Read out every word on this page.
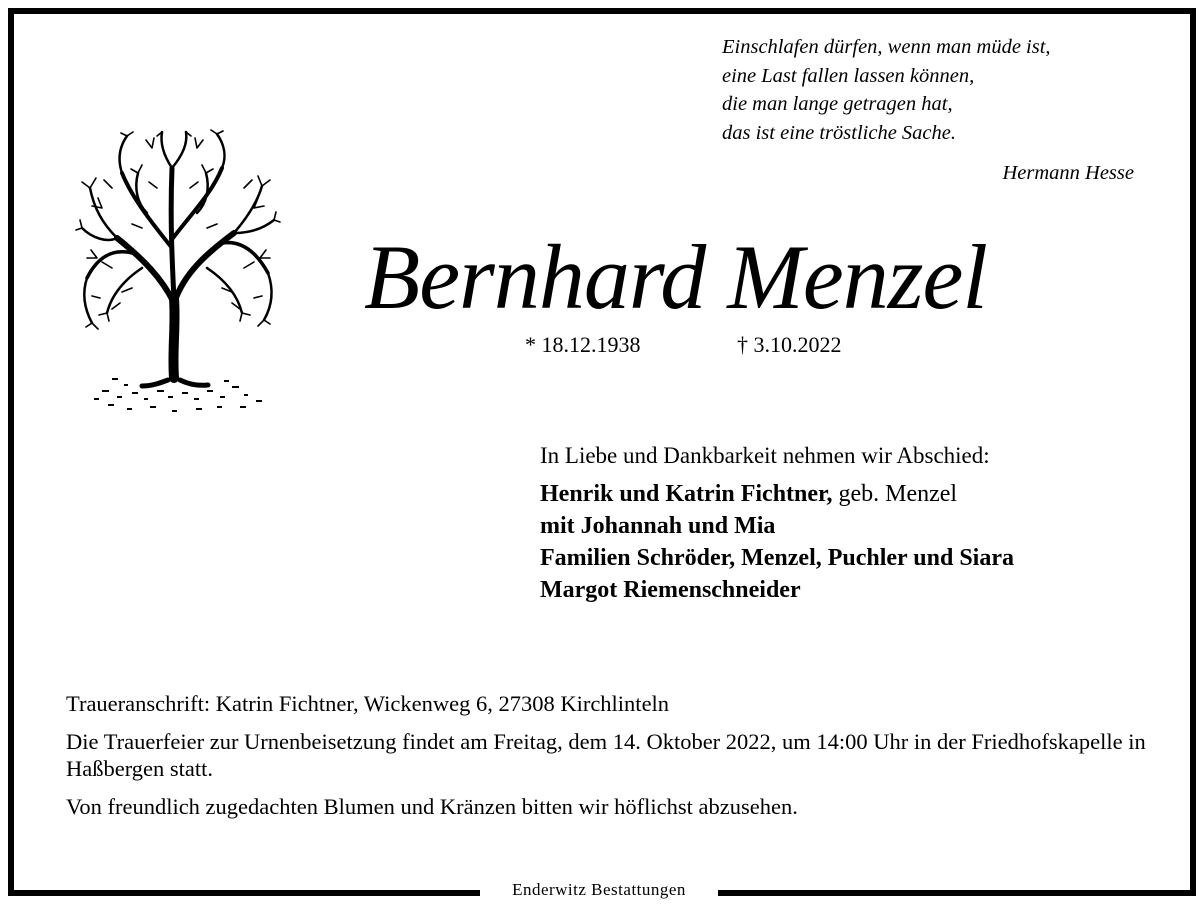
Enderwitz Bestattungen
Einschlafen dürfen, wenn man müde ist,
eine Last fallen lassen können,
die man lange getragen hat,
das ist eine tröstliche Sache.
Hermann Hesse
Bernhard Menzel
* 18.12.1938	† 3.10.2022
In Liebe und Dankbarkeit nehmen wir Abschied:
Henrik und Katrin Fichtner, geb. Menzel
mit Johannah und Mia
Familien Schröder, Menzel, Puchler und Siara
Margot Riemenschneider

Traueranschrift: Katrin Fichtner, Wickenweg 6, 27308 Kirchlinteln

Die Trauerfeier zur Urnenbeisetzung findet am Freitag, dem 14. Oktober 2022, um 14:00 Uhr in der Friedhofskapelle in Haßbergen statt.

Von freundlich zugedachten Blumen und Kränzen bitten wir höflichst abzusehen.
